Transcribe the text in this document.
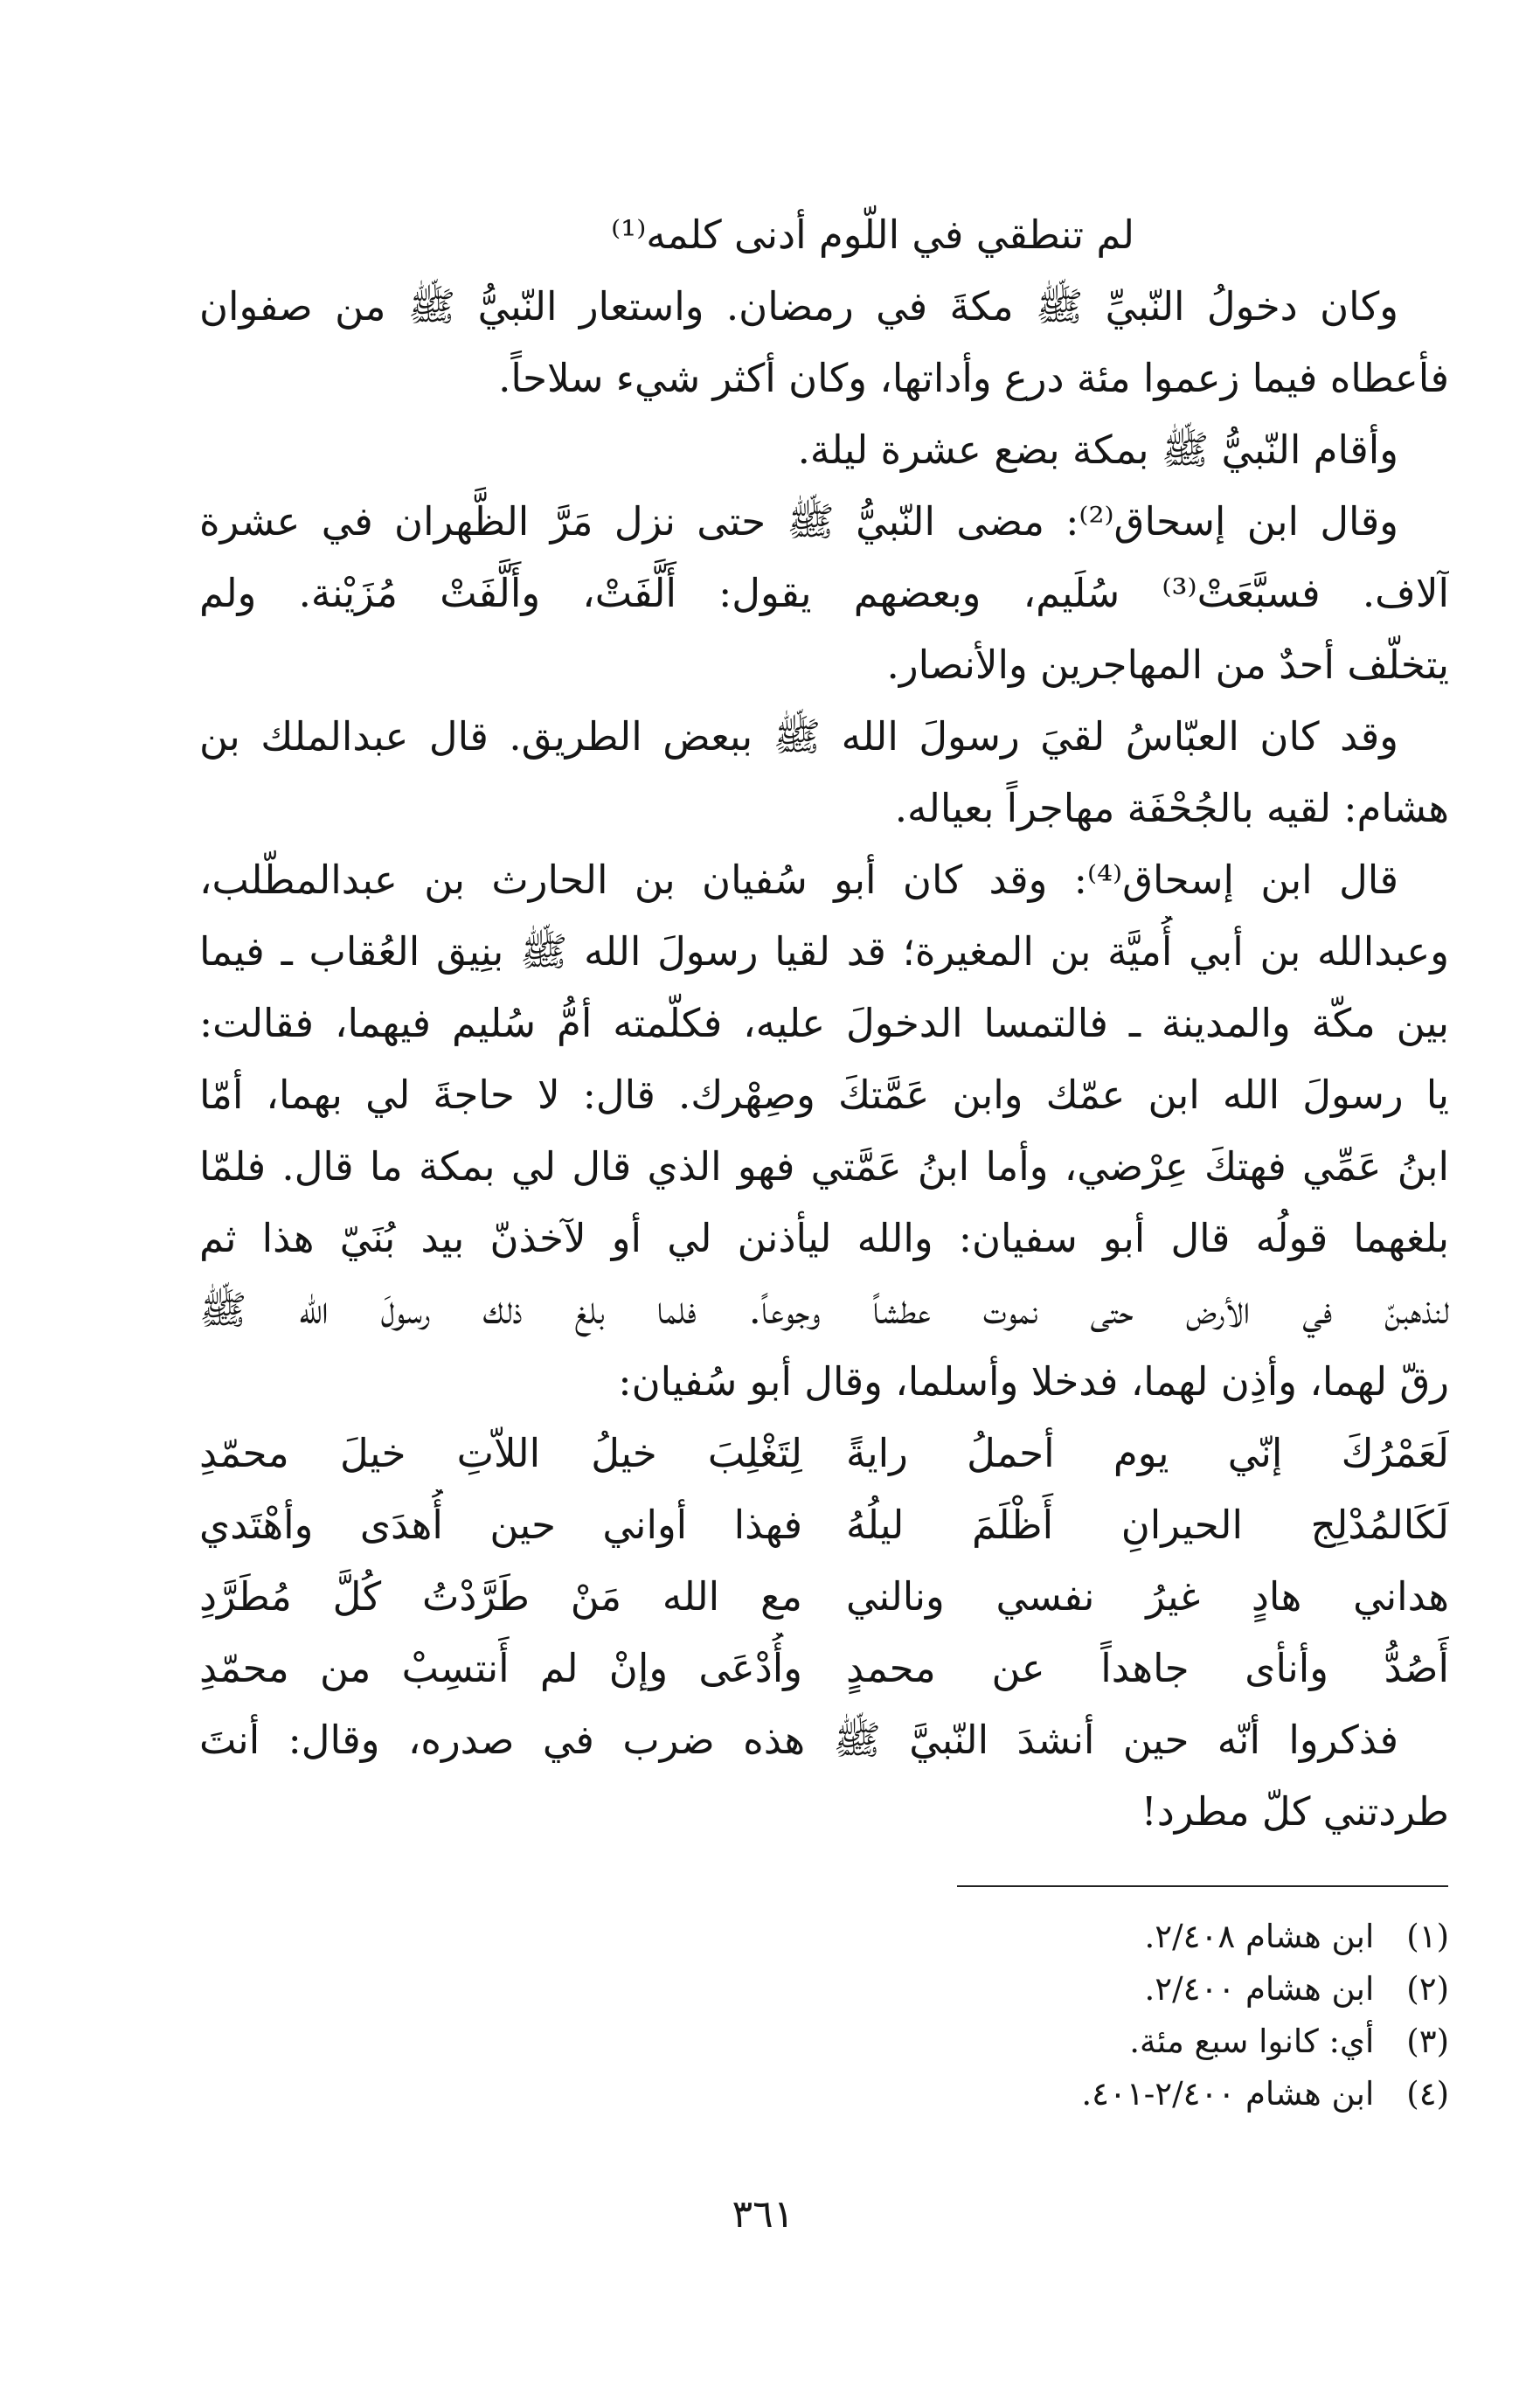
لم تنطقي في اللّوم أدنى كلمه⁽¹⁾
وكان دخولُ النّبيِّ ﷺ مكةَ في رمضان. واستعار النّبيُّ ﷺ من صفوان
فأعطاه فيما زعموا مئة درع وأداتها، وكان أكثر شيء سلاحاً.
وأقام النّبيُّ ﷺ بمكة بضع عشرة ليلة.
وقال ابن إسحاق⁽²⁾: مضى النّبيُّ ﷺ حتى نزل مَرَّ الظَّهران في عشرة
آلاف. فسبَّعَتْ⁽³⁾ سُلَيم، وبعضهم يقول: أَلَّفَتْ، وأَلَّفَتْ مُزَيْنة. ولم
يتخلّف أحدٌ من المهاجرين والأنصار.
وقد كان العبّاسُ لقيَ رسولَ الله ﷺ ببعض الطريق. قال عبدالملك بن
هشام: لقيه بالجُحْفَة مهاجراً بعياله.
قال ابن إسحاق⁽⁴⁾: وقد كان أبو سُفيان بن الحارث بن عبدالمطّلب،
وعبدالله بن أبي أُميَّة بن المغيرة؛ قد لقيا رسولَ الله ﷺ بنِيق العُقاب ـ فيما
بين مكّة والمدينة ـ فالتمسا الدخولَ عليه، فكلّمته أمُّ سُليم فيهما، فقالت:
يا رسولَ الله ابن عمّك وابن عَمَّتكَ وصِهْرك. قال: لا حاجةَ لي بهما، أمّا
ابنُ عَمِّي فهتكَ عِرْضي، وأما ابنُ عَمَّتي فهو الذي قال لي بمكة ما قال. فلمّا
بلغهما قولُه قال أبو سفيان: والله ليأذنن لي أو لآخذنّ بيد بُنَيّ هذا ثم
لنذهبنّ في الأرض حتى نموت عطشاً وجوعاً. فلما بلغ ذلك رسولَ الله ﷺ
رقّ لهما، وأذِن لهما، فدخلا وأسلما، وقال أبو سُفيان:
لَعَمْرُكَ إنّي يوم أحملُ رايةً
لِتَغْلِبَ خيلُ اللاّتِ خيلَ محمّدِ
لَكَالمُدْلِج الحيرانِ أَظْلَمَ ليلُهُ
فهذا أواني حين أُهدَى وأهْتَدي
هداني هادٍ غيرُ نفسي ونالني
مع الله مَنْ طَرَّدْتُ كُلَّ مُطَرَّدِ
أَصُدُّ وأنأى جاهداً عن محمدٍ
وأُدْعَى وإنْ لم أَنتسِبْ من محمّدِ
فذكروا أنّه حين أنشدَ النّبيَّ ﷺ هذه ضرب في صدره، وقال: أنتَ
طردتني كلّ مطرد!
(١) ابن هشام ٢/٤٠٨.
(٢) ابن هشام ٢/٤٠٠.
(٣) أي: كانوا سبع مئة.
(٤) ابن هشام ٢/٤٠٠-٤٠١.
٣٦١
